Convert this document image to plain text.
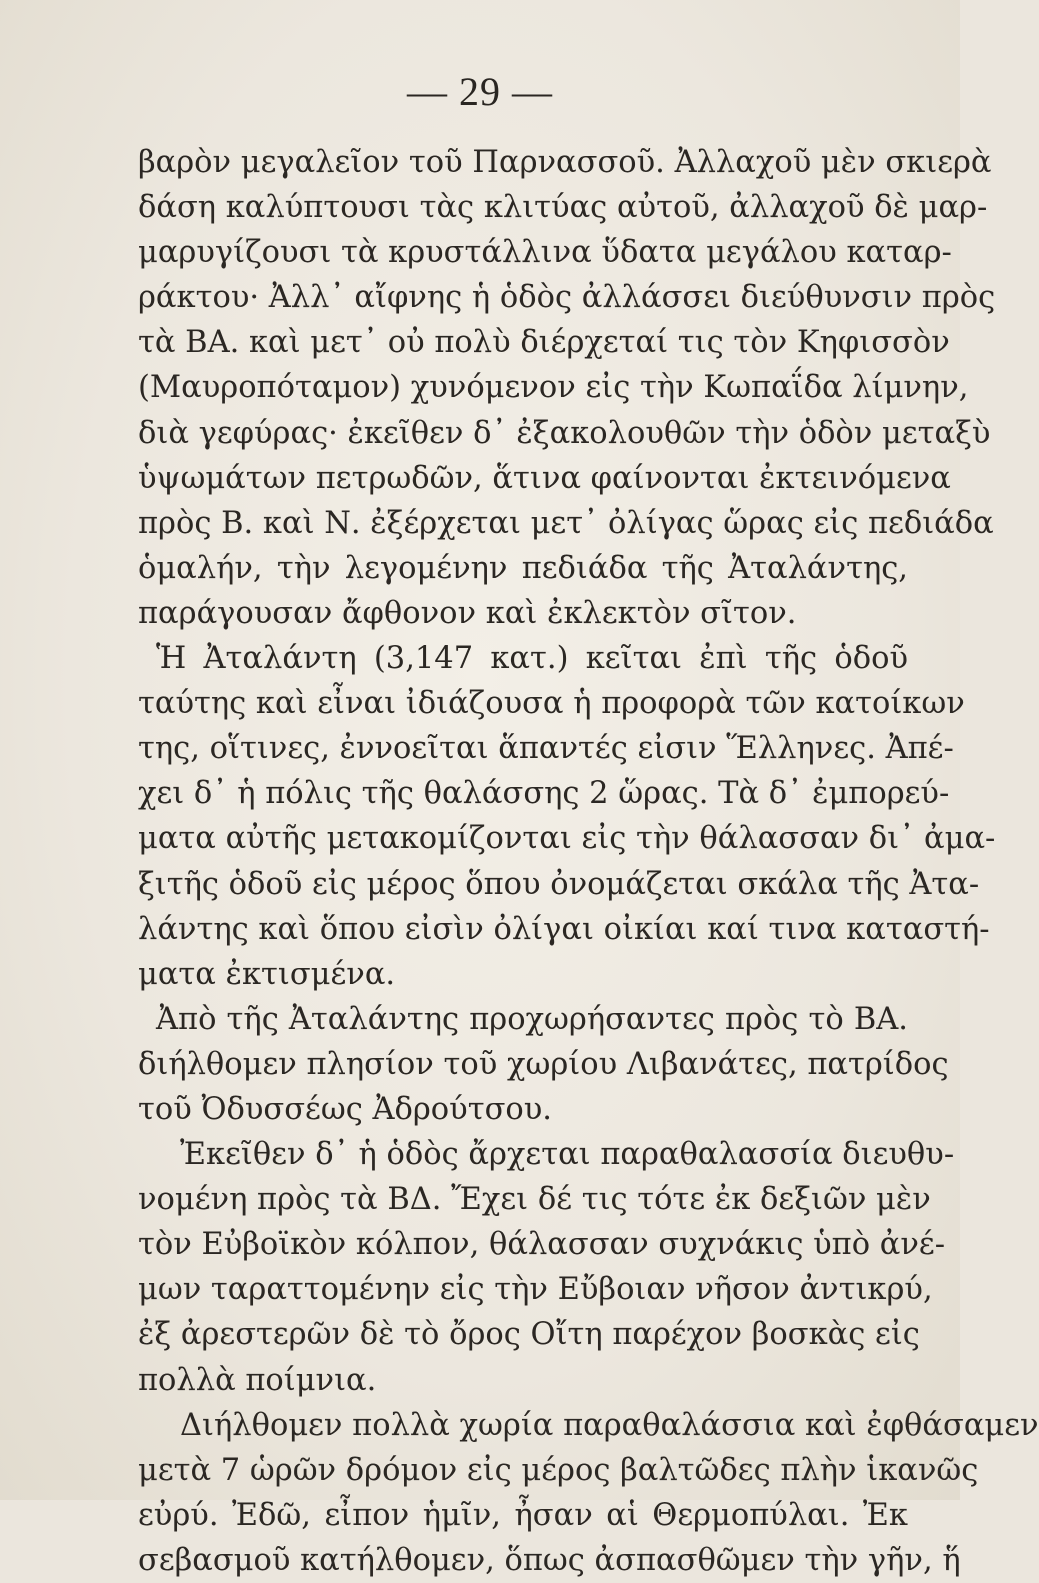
— 29 —
βαρὸν μεγαλεῖον τοῦ Παρνασσοῦ. Ἀλλαχοῦ μὲν σκιερὰ
δάση καλύπτουσι τὰς κλιτύας αὐτοῦ, ἀλλαχοῦ δὲ μαρ-
μαρυγίζουσι τὰ κρυστάλλινα ὕδατα μεγάλου καταρ-
ράκτου· Ἀλλ᾽ αἴφνης ἡ ὁδὸς ἀλλάσσει διεύθυνσιν πρὸς
τὰ ΒΑ. καὶ μετ᾽ οὐ πολὺ διέρχεταί τις τὸν Κηφισσὸν
(Μαυροπόταμον) χυνόμενον εἰς τὴν Κωπαΐδα λίμνην,
διὰ γεφύρας· ἐκεῖθεν δ᾽ ἐξακολουθῶν τὴν ὁδὸν μεταξὺ
ὑψωμάτων πετρωδῶν, ἅτινα φαίνονται ἐκτεινόμενα
πρὸς Β. καὶ Ν. ἐξέρχεται μετ᾽ ὀλίγας ὥρας εἰς πεδιάδα
ὁμαλήν, τὴν λεγομένην πεδιάδα τῆς Ἀταλάντης,
παράγουσαν ἄφθονον καὶ ἐκλεκτὸν σῖτον.
Ἡ Ἀταλάντη (3,147 κατ.) κεῖται ἐπὶ τῆς ὁδοῦ
ταύτης καὶ εἶναι ἰδιάζουσα ἡ προφορὰ τῶν κατοίκων
της, οἵτινες, ἐννοεῖται ἅπαντές εἰσιν Ἕλληνες. Ἀπέ-
χει δ᾽ ἡ πόλις τῆς θαλάσσης 2 ὥρας. Τὰ δ᾽ ἐμπορεύ-
ματα αὐτῆς μετακομίζονται εἰς τὴν θάλασσαν δι᾽ ἀμα-
ξιτῆς ὁδοῦ εἰς μέρος ὅπου ὀνομάζεται σκάλα τῆς Ἀτα-
λάντης καὶ ὅπου εἰσὶν ὀλίγαι οἰκίαι καί τινα καταστή-
ματα ἐκτισμένα.
Ἀπὸ τῆς Ἀταλάντης προχωρήσαντες πρὸς τὸ ΒΑ.
διήλθομεν πλησίον τοῦ χωρίου Λιβανάτες, πατρίδος
τοῦ Ὀδυσσέως Ἀδρούτσου.
Ἐκεῖθεν δ᾽ ἡ ὁδὸς ἄρχεται παραθαλασσία διευθυ-
νομένη πρὸς τὰ ΒΔ. Ἔχει δέ τις τότε ἐκ δεξιῶν μὲν
τὸν Εὐβοϊκὸν κόλπον, θάλασσαν συχνάκις ὑπὸ ἀνέ-
μων ταραττομένην εἰς τὴν Εὔβοιαν νῆσον ἀντικρύ,
ἐξ ἀρεστερῶν δὲ τὸ ὄρος Οἴτη παρέχον βοσκὰς εἰς
πολλὰ ποίμνια.
Διήλθομεν πολλὰ χωρία παραθαλάσσια καὶ ἐφθάσαμεν
μετὰ 7 ὡρῶν δρόμον εἰς μέρος βαλτῶδες πλὴν ἱκανῶς
εὐρύ. Ἐδῶ, εἶπον ἡμῖν, ἦσαν αἱ Θερμοπύλαι. Ἐκ
σεβασμοῦ κατήλθομεν, ὅπως ἀσπασθῶμεν τὴν γῆν, ἥ
